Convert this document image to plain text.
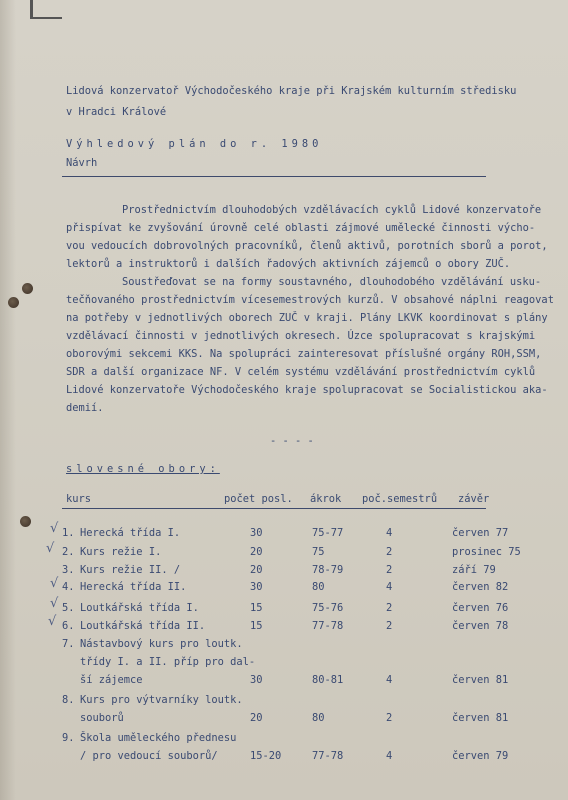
Lidová konzervatoř Východočeského kraje při Krajském kulturním středisku
v Hradci Králové
Výhledový plán do r. 1980
Návrh
Prostřednictvím dlouhodobých vzdělávacích cyklů Lidové konzervatoře
přispívat ke zvyšování úrovně celé oblasti zájmové umělecké činnosti výcho-
vou vedoucích dobrovolných pracovníků, členů aktivů, porotních sborů a porot,
lektorů a instruktorů i dalších řadových aktivních zájemců o obory ZUČ.
Soustřeďovat se na formy soustavného, dlouhodobého vzdělávání usku-
tečňovaného prostřednictvím vícesemestrových kurzů. V obsahové náplni reagovat
na potřeby v jednotlivých oborech ZUČ v kraji. Plány LKVK koordinovat s plány
vzdělávací činnosti v jednotlivých okresech. Úzce spolupracovat s krajskými
oborovými sekcemi KKS. Na spolupráci zainteresovat příslušné orgány ROH,SSM,
SDR a další organizace NF. V celém systému vzdělávání prostřednictvím cyklů
Lidové konzervatoře Východočeského kraje spolupracovat se Socialistickou aka-
demií.
- - - -
slovesné obory:
kurs	počet posl. ákrok poč.semestrů závěr
1. Herecká třída I.	30	75-77	4	červen 77
2. Kurs režie I.	20	75	2	prosinec 75
3. Kurs režie II. /	20	78-79	2	září 79
4. Herecká třída II.	30	80	4	červen 82
5. Loutkářská třída I.	15	75-76	2	červen 76
6. Loutkářská třída II.	15	77-78	2	červen 78
7. Nástavbový kurs pro loutk.
třídy I. a II. příp pro dal-
ší zájemce	30	80-81	4	červen 81
8. Kurs pro výtvarníky loutk.
souborů	20	80	2	červen 81
9. Škola uměleckého přednesu
/ pro vedoucí souborů/	15-20	77-78	4	červen 79
√
√
√
√
√
